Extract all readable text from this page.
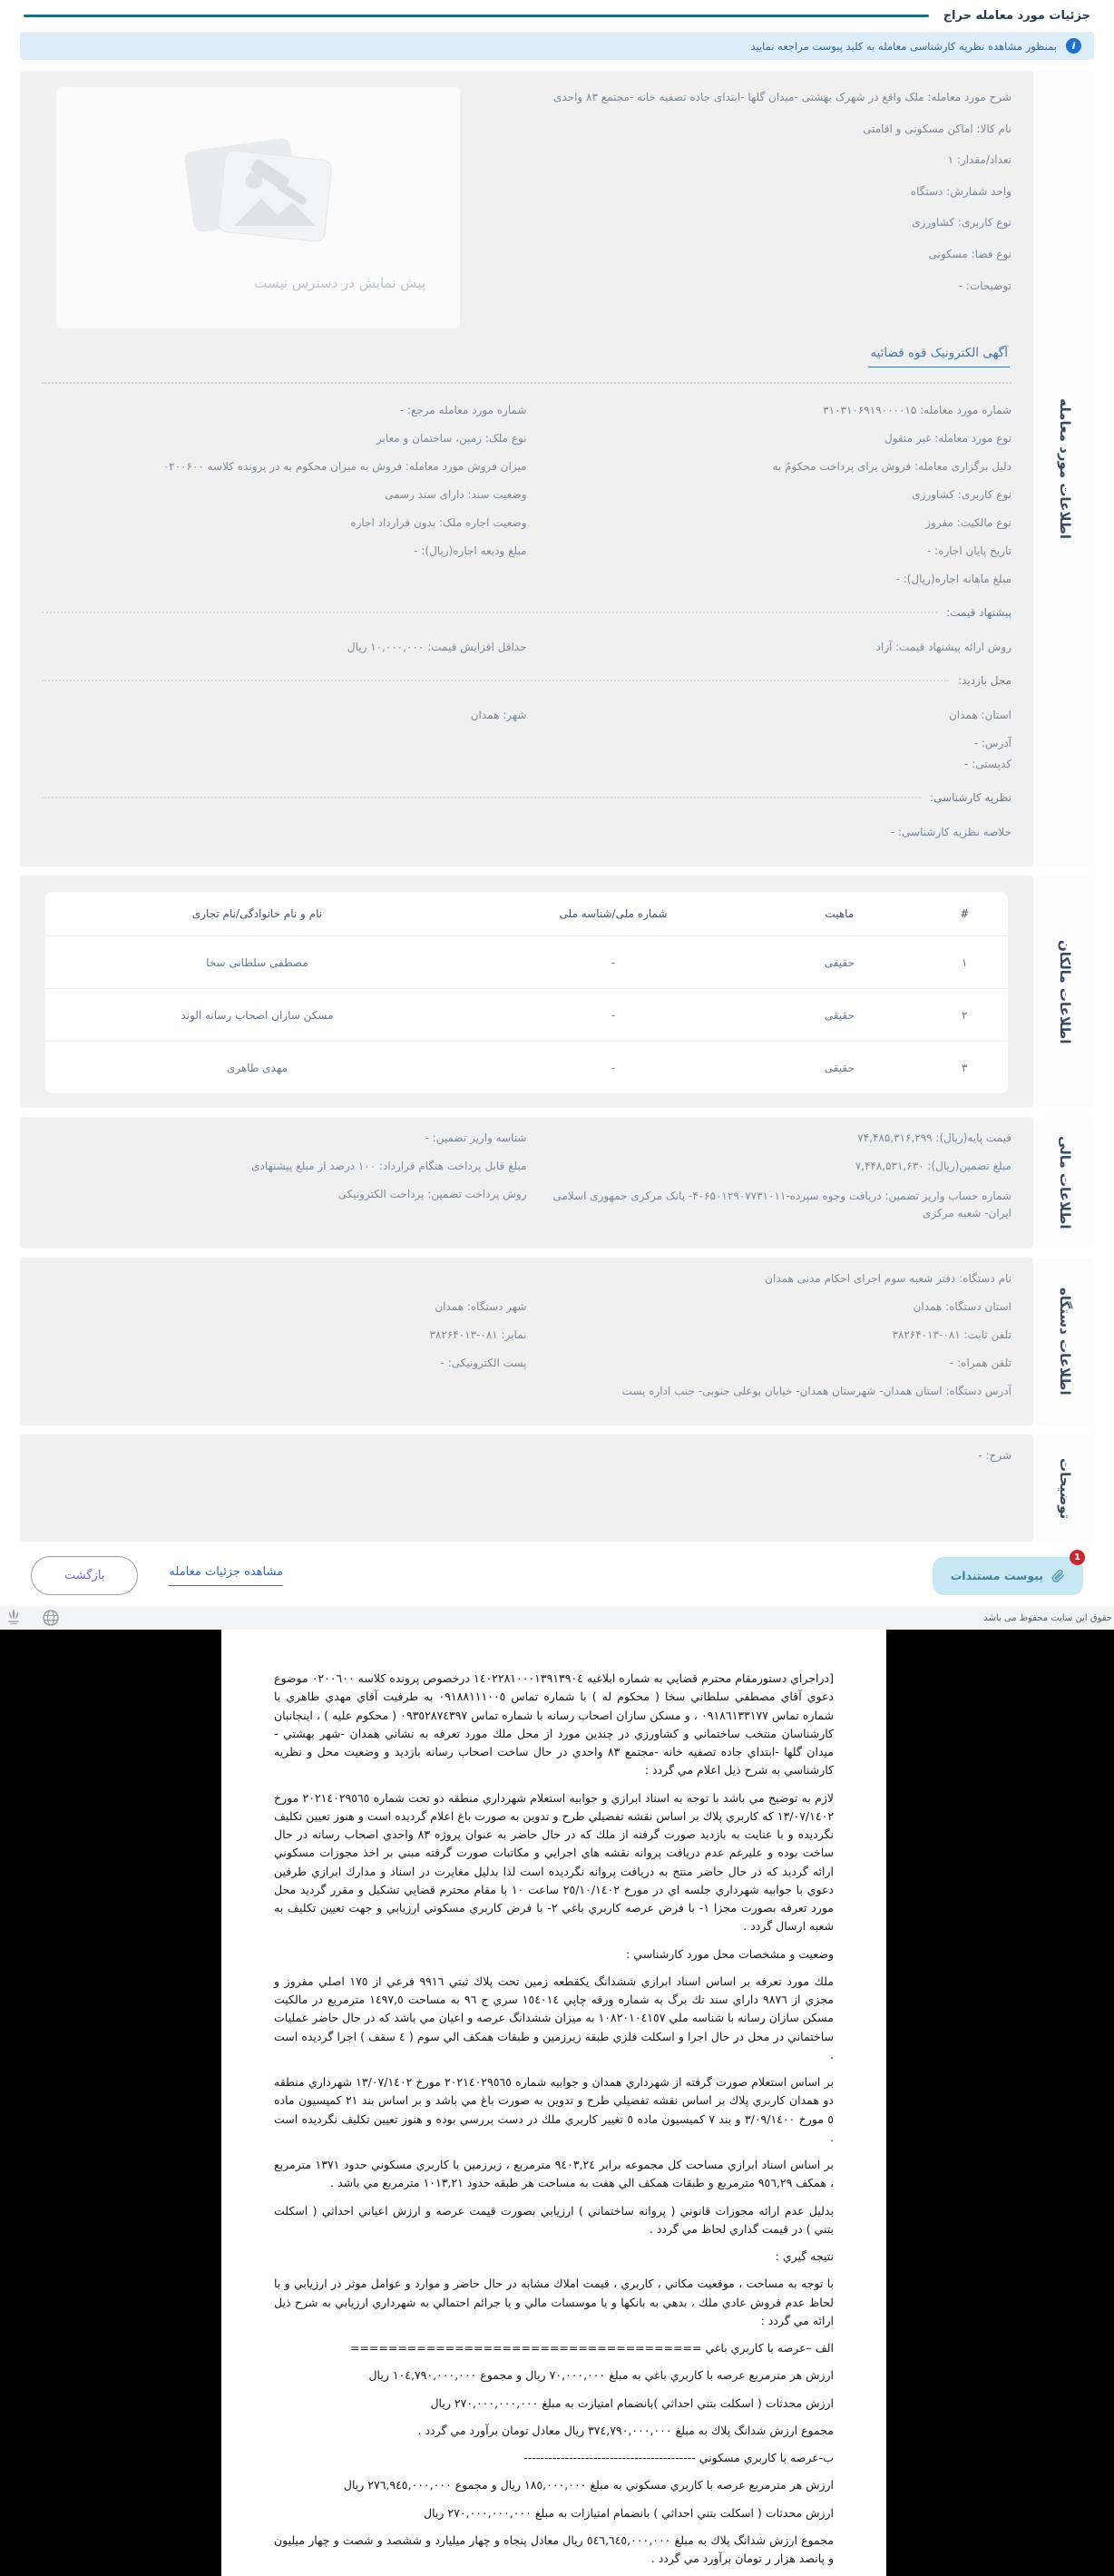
جزئیات مورد معامله حراج
i
بمنظور مشاهده نظریه کارشناسی معامله به کلید پیوست مراجعه نمایید
اطلاعات مورد معامله
شرح مورد معامله: ملک واقع در شهرک بهشتی -میدان گلها -ابتدای جاده تصفیه خانه -مجتمع ۸۳ واحدی
نام کالا: اماکن مسکونی و اقامتی
تعداد/مقدار: ۱
واحد شمارش: دستگاه
نوع کاربری: کشاورزی
نوع فضا: مسکونی
توضیحات: -
پیش نمایش در دسترس نیست
آگهی الکترونیک قوه قضائیه
شماره مورد معامله: ۳۱۰۳۱۰۶۹۱۹۰۰۰۰۱۵
شماره مورد معامله مرجع: -
نوع مورد معامله: غیر منقول
نوع ملک: زمین، ساختمان و معابر
دلیل برگزاری معامله: فروش برای پرداخت محکومٌ به
میزان فروش مورد معامله: فروش به میزان محکوم به در پرونده کلاسه ۰۲۰۰۶۰۰
نوع کاربری: کشاورزی
وضعیت سند: دارای سند رسمی
نوع مالکیت: مفروز
وضعیت اجاره ملک: بدون قرارداد اجاره
تاریخ پایان اجاره: -
مبلغ ودیعه اجاره(ریال): -
مبلغ ماهانه اجاره(ریال): -
پیشنهاد قیمت:
روش ارائه پیشنهاد قیمت: آزاد
حداقل افزایش قیمت: ۱۰,۰۰۰,۰۰۰ ریال
محل بازدید:
استان: همدان
شهر: همدان
آدرس: -
کدپستی: -
نظریه کارشناسی:
خلاصه نظریه کارشناسی: -
اطلاعات مالکان
#	ماهیت	شماره ملی/شناسه ملی	نام و نام خانوادگی/نام تجاری
۱	حقیقی	-	مصطفی سلطانی سخا
۲	حقیقی	-	مسکن سازان اصحاب رسانه الوند
۳	حقیقی	-	مهدی طاهری
اطلاعات مالی
قیمت پایه(ریال): ۷۴,۴۸۵,۳۱۶,۲۹۹
شناسه واریز تضمین: -
مبلغ تضمین(ریال): ۷,۴۴۸,۵۳۱,۶۳۰
مبلغ قابل پرداخت هنگام قرارداد: ۱۰۰ درصد از مبلغ پیشنهادی
شماره حساب واریز تضمین: دریافت وجوه سپرده-۴۰۶۵۰۱۲۹۰۷۷۳۱۰۱۱- بانک مرکزی جمهوری اسلامی ایران- شعبه مرکزی
روش پرداخت تضمین: پرداخت الکترونیکی
اطلاعات دستگاه
نام دستگاه: دفتر شعبه سوم اجرای احکام مدنی همدان
استان دستگاه: همدان
شهر دستگاه: همدان
تلفن ثابت: ۰۸۱-۳۸۲۶۴۰۱۳
نمابر: ۰۸۱-۳۸۲۶۴۰۱۳
تلفن همراه: -
پست الکترونیکی: -
آدرس دستگاه: استان همدان- شهرستان همدان- خیابان بوعلی جنوبی- جنب اداره پست
توضیحات
شرح: -
پیوست مستندات
1
مشاهده جزئیات معامله
بازگشت
حقوق این سایت محفوظ می باشد

[دراجراي دستورمقام محترم قضايي به شماره ابلاغيه ١٤٠٢٢٨١٠٠٠١٣٩١٣٩٠٤ درخصوص پرونده كلاسه ٠٢٠٠٦٠٠ موضوع دعوي آقاي مصطفي سلطاني سخا ( محكوم له ) با شماره تماس ٠٩١٨٨١١١٠٠٥ به طرفيت آقاي مهدي طاهري با شماره تماس ٠٩١٨٦١٣٣١٧٧ ، و مسكن سازان اصحاب رسانه با شماره تماس ٠٩٣٥٢٨٧٤٣٩٧ ( محكوم عليه ) ، اينجانبان كارشناسان منتخب ساختماني و كشاورزي در چندين مورد از محل ملك مورد تعرفه به نشاني همدان -شهر بهشتي - ميدان گلها -ابتداي جاده تصفيه خانه -مجتمع ٨٣ واحدي در حال ساخت اصحاب رسانه بازديد و وضعيت محل و نظريه كارشناسي به شرح ذيل اعلام مي گردد :

لازم به توضيح مي باشد با توجه به اسناد ابرازي و جوابيه استعلام شهرداري منطقه دو تحت شماره ٢٠٢١٤٠٢٩٥٦٥ مورخ ١٣/٠٧/١٤٠٢ كه كاربري پلاك بر اساس نقشه تفضيلي طرح و تدوين به صورت باغ اعلام گرديده است و هنوز تعيين تكليف نگرديده و با عنايت به بازديد صورت گرفته از ملك كه در حال حاضر به عنوان پروژه ٨٣ واحدي اصحاب رسانه در حال ساخت بوده و عليرغم عدم دريافت پروانه نقشه هاي اجرايي و مكاتبات صورت گرفته مبني بر اخذ مجوزات مسكوني ارائه گرديد كه در حال حاضر منتج به دريافت پروانه نگرديده است لذا بدليل مغايرت در اسناد و مدارك ابرازي طرفين دعوي با جوابيه شهرداري جلسه اي در مورخ ٢٥/١٠/١٤٠٢ ساعت ١٠ با مقام محترم قضايي تشكيل و مقرر گرديد محل مورد تعرفه بصورت مجزا ١- با فرض عرصه كاربري باغي ٢- با فرض كاربري مسكوني ارزيابي و جهت تعيين تكليف به شعبه ارسال گردد .

وضعيت و مشخصات محل مورد كارشناسي :

ملك مورد تعرفه بر اساس اسناد ابرازي ششدانگ يكقطعه زمين تحت پلاك ثبتي ٩٩١٦ فرعي از ١٧٥ اصلي مفروز و مجزي از ٩٨٧٦ داراي سند تك برگ به شماره ورقه چاپي ١٥٤٠١٤ سري ج ٩٦ به مساحت ١٤٩٧,٥ مترمربع در مالكيت مسكن سازان رسانه با شناسه ملي ١٠٨٢٠١٠٤١٥٧ به ميزان ششدانگ عرصه و اعيان مي باشد كه در حال حاضر عمليات ساختماني در محل در حال اجرا و اسكلت فلزي طبقه زيرزمين و طبقات همكف الي سوم ( ٤ سقف ) اجرا گرديده است .

بر اساس استعلام صورت گرفته از شهرداري همدان و جوابيه شماره ٢٠٢١٤٠٢٩٥٦٥ مورخ ١٣/٠٧/١٤٠٢ شهرداري منطقه دو همدان كاربري پلاك بر اساس نقشه تفضيلي طرح و تدوين به صورت باغ مي باشد و بر اساس بند ٢١ كميسيون ماده ٥ مورخ ٣/٠٩/١٤٠٠ و بند ٧ كميسيون ماده ٥ تغيير كاربري ملك در دست بررسي بوده و هنوز تعيين تكليف نگرديده است .

بر اساس اسناد ابرازي مساحت كل مجموعه برابر ٩٤٠٣,٢٤ مترمربع ، زيرزمين با كاربري مسكوني حدود ١٣٧١ مترمربع ، همكف ٩٥٦,٢٩ مترمربع و طبقات همكف الي هفت به مساحت هر طبقه حدود ١٠١٣,٢١ مترمربع مي باشد .

بدليل عدم ارائه مجوزات قانوني ( پروانه ساختماني ) ارزيابي بصورت قيمت عرصه و ارزش اعياني احداثي ( اسكلت بتني ) در قيمت گذاري لحاظ مي گردد .

نتيجه گيري :

با توجه به مساحت ، موقعيت مكاني ، كاربري ، قيمت املاك مشابه در حال حاضر و موارد و عوامل موثر در ارزيابي و با لحاظ عدم فروش عادي ملك ، بدهي به بانكها و يا موسسات مالي و يا جرائم احتمالي به شهرداري ارزيابي به شرح ذيل ارائه مي گردد :

الف –عرصه با كاربري باغي =====================================

ارزش هر مترمربع عرصه با كاربري باغي به مبلغ ٧٠,٠٠٠,٠٠٠ ريال و مجموع ١٠٤,٧٩٠,٠٠٠,٠٠٠ ريال

ارزش محدثات ( اسكلت بتني احداثي )بانضمام امتيازت به مبلغ ٢٧٠,٠٠٠,٠٠٠,٠٠٠ ريال

مجموع ارزش شدانگ پلاك به مبلغ ٣٧٤,٧٩٠,٠٠٠,٠٠٠ ريال معادل تومان برآورد مي گردد .

ب-عرصه با كاربري مسكوني ------------------------------------------

ارزش هر مترمربع عرصه با كاربري مسكوني به مبلغ ١٨٥,٠٠٠,٠٠٠ ريال و مجموع ٢٧٦,٩٤٥,٠٠٠,٠٠٠ ريال

ارزش محدثات ( اسكلت بتني احداثي ) بانضمام امتيازات به مبلغ ٢٧٠,٠٠٠,٠٠٠,٠٠٠ ريال

مجموع ارزش شدانگ پلاك به مبلغ ٥٤٦,٦٤٥,٠٠٠,٠٠٠ ريال معادل پنجاه و چهار ميليارد و ششصد و شصت و چهار ميليون و پانصد هزار ر تومان برآورد مي گردد .
